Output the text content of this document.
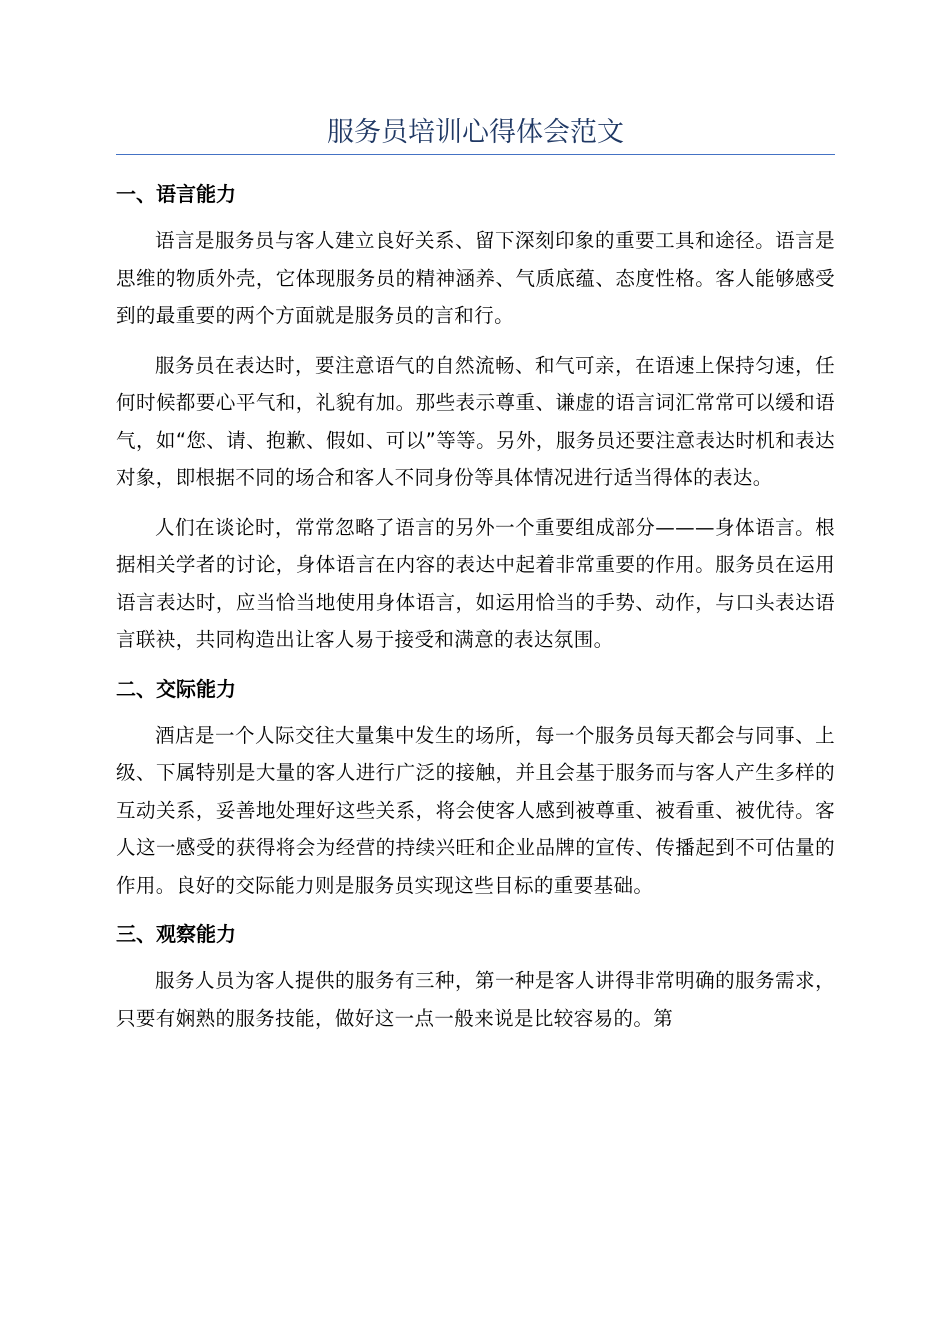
服务员培训心得体会范文
一、语言能力

语言是服务员与客人建立良好关系、留下深刻印象的重要工具和途径。语言是思维的物质外壳，它体现服务员的精神涵养、气质底蕴、态度性格。客人能够感受到的最重要的两个方面就是服务员的言和行。

服务员在表达时，要注意语气的自然流畅、和气可亲，在语速上保持匀速，任何时候都要心平气和，礼貌有加。那些表示尊重、谦虚的语言词汇常常可以缓和语气，如“您、请、抱歉、假如、可以”等等。另外，服务员还要注意表达时机和表达对象，即根据不同的场合和客人不同身份等具体情况进行适当得体的表达。

人们在谈论时，常常忽略了语言的另外一个重要组成部分———身体语言。根据相关学者的讨论，身体语言在内容的表达中起着非常重要的作用。服务员在运用语言表达时，应当恰当地使用身体语言，如运用恰当的手势、动作，与口头表达语言联袂，共同构造出让客人易于接受和满意的表达氛围。

二、交际能力

酒店是一个人际交往大量集中发生的场所，每一个服务员每天都会与同事、上级、下属特别是大量的客人进行广泛的接触，并且会基于服务而与客人产生多样的互动关系，妥善地处理好这些关系，将会使客人感到被尊重、被看重、被优待。客人这一感受的获得将会为经营的持续兴旺和企业品牌的宣传、传播起到不可估量的作用。良好的交际能力则是服务员实现这些目标的重要基础。

三、观察能力

服务人员为客人提供的服务有三种，第一种是客人讲得非常明确的服务需求，只要有娴熟的服务技能，做好这一点一般来说是比较容易的。第
